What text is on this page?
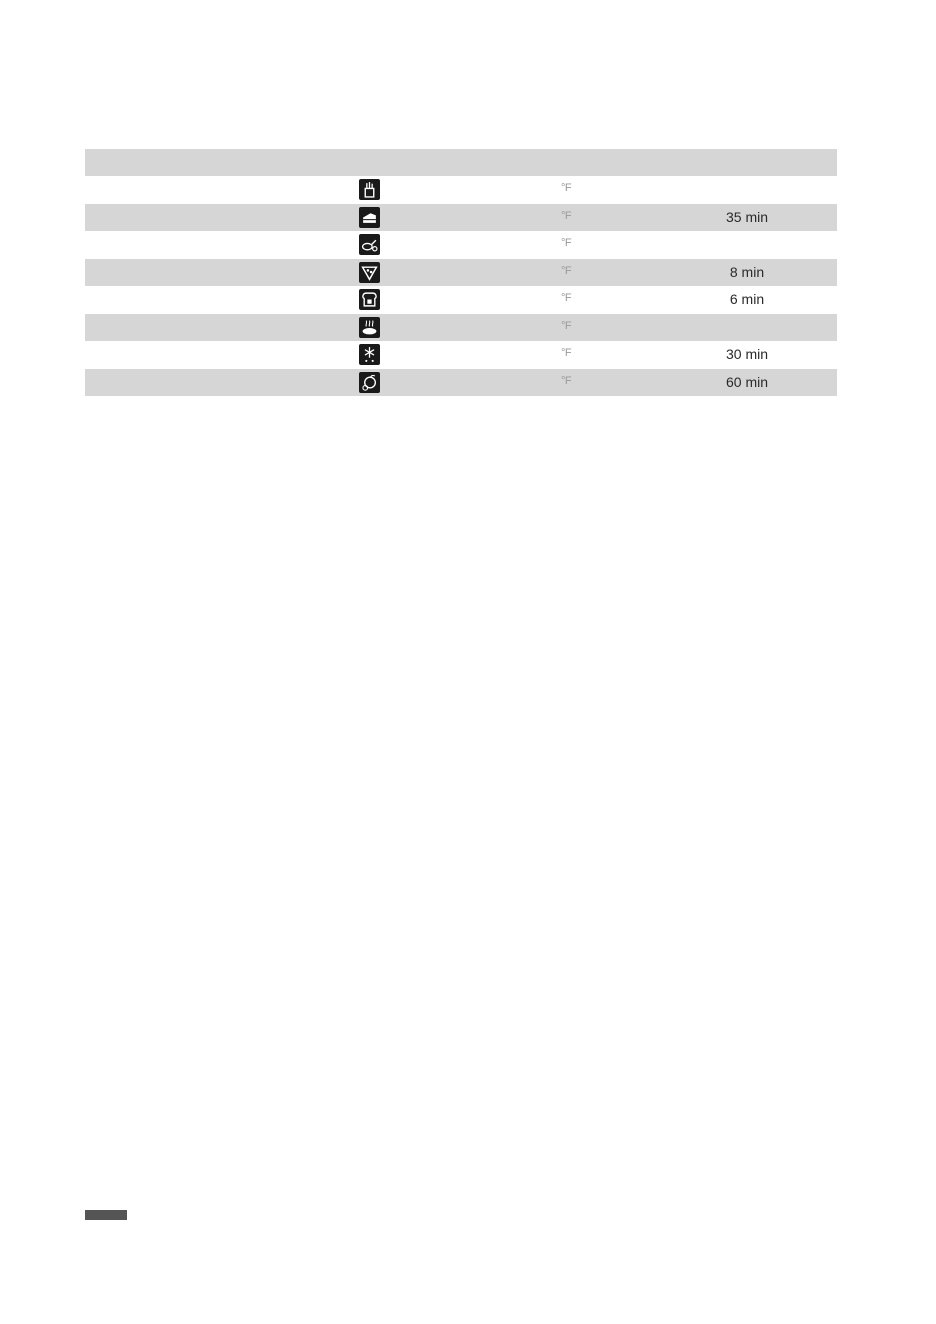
°F
°F	35 min
°F
°F	8 min
°F	6 min
°F
°F	30 min
°F	60 min
